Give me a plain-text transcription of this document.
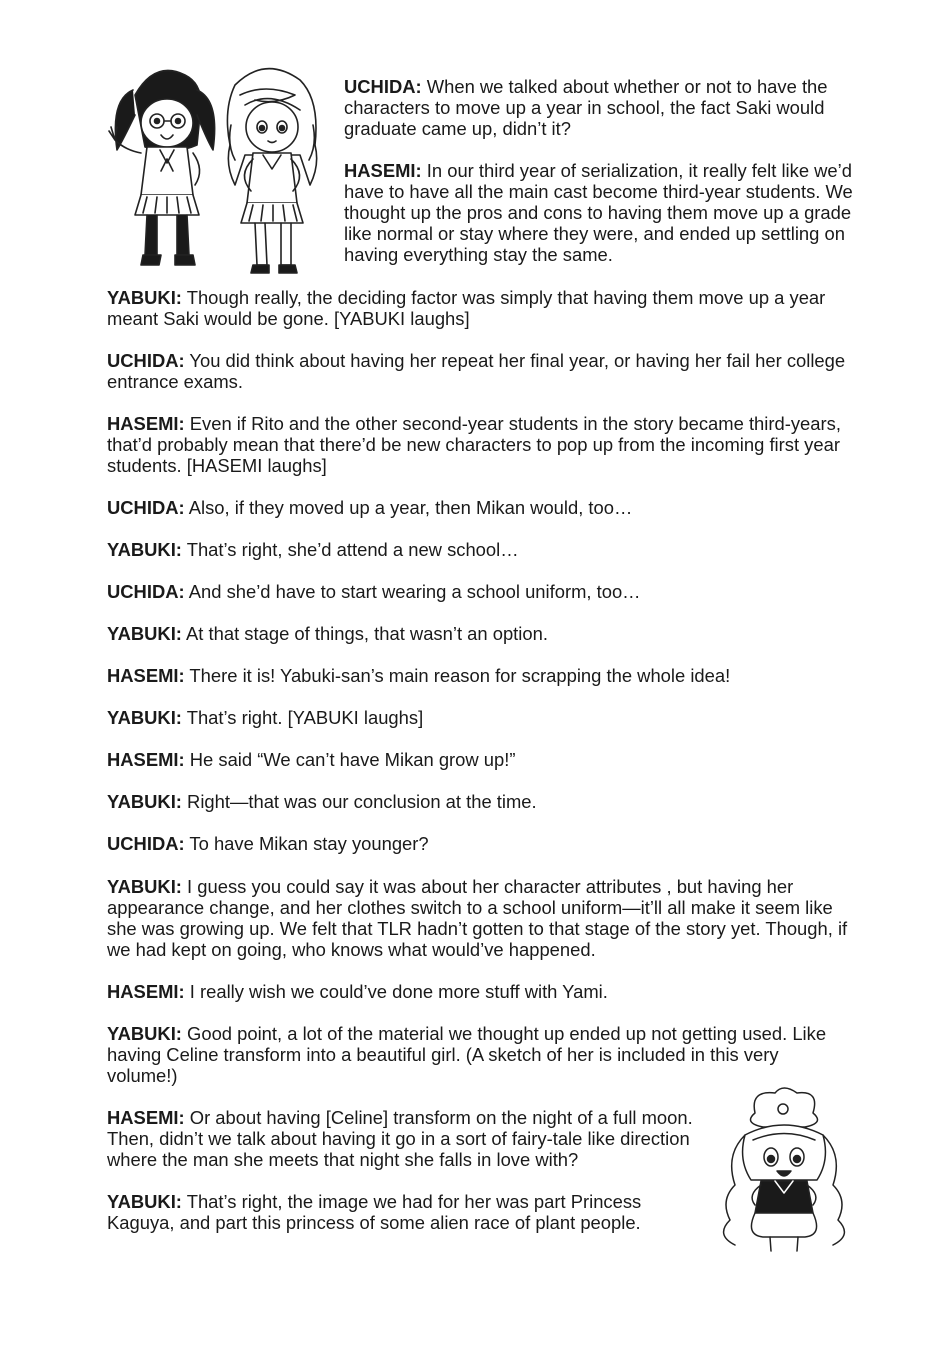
UCHIDA: When we talked about whether or not to have the characters to move up a year in school, the fact Saki would graduate came up, didn’t it?

HASEMI: In our third year of serialization, it really felt like we’d have to have all the main cast become third-year students. We thought up the pros and cons to having them move up a grade like normal or stay where they were, and ended up settling on having everything stay the same.

YABUKI: Though really, the deciding factor was simply that having them move up a year meant Saki would be gone. [YABUKI laughs]

UCHIDA: You did think about having her repeat her final year, or having her fail her college entrance exams.

HASEMI: Even if Rito and the other second-year students in the story became third-years, that’d probably mean that there’d be new characters to pop up from the incoming first year students. [HASEMI laughs]

UCHIDA: Also, if they moved up a year, then Mikan would, too…

YABUKI: That’s right, she’d attend a new school…

UCHIDA: And she’d have to start wearing a school uniform, too…

YABUKI: At that stage of things, that wasn’t an option.

HASEMI: There it is! Yabuki-san’s main reason for scrapping the whole idea!

YABUKI: That’s right. [YABUKI laughs]

HASEMI: He said “We can’t have Mikan grow up!”

YABUKI: Right—that was our conclusion at the time.

UCHIDA: To have Mikan stay younger?

YABUKI: I guess you could say it was about her character attributes , but having her appearance change, and her clothes switch to a school uniform—it’ll all make it seem like she was growing up. We felt that TLR hadn’t gotten to that stage of the story yet. Though, if we had kept on going, who knows what would’ve happened.

HASEMI: I really wish we could’ve done more stuff with Yami.

YABUKI: Good point, a lot of the material we thought up ended up not getting used. Like having Celine transform into a beautiful girl. (A sketch of her is included in this very volume!)

HASEMI: Or about having [Celine] transform on the night of a full moon. Then, didn’t we talk about having it go in a sort of fairy-tale like direction where the man she meets that night she falls in love with?

YABUKI: That’s right, the image we had for her was part Princess Kaguya, and part this princess of some alien race of plant people.
